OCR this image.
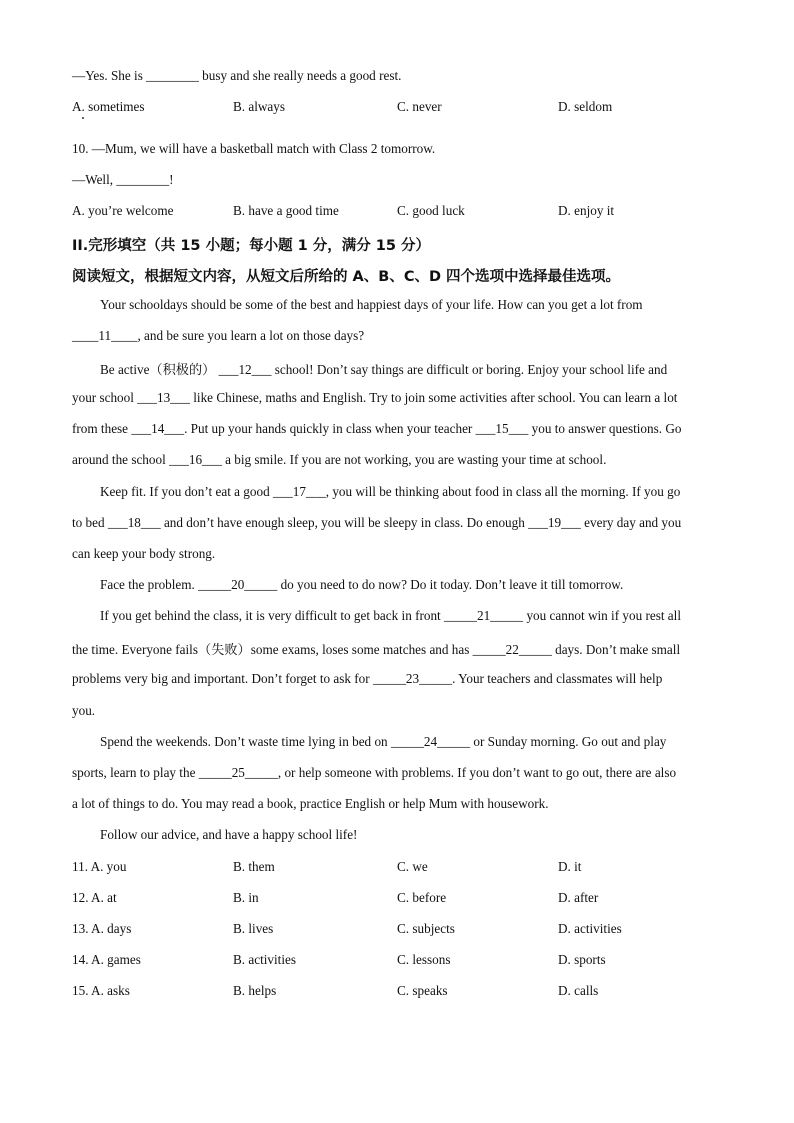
—Yes. She is ________ busy and she really needs a good rest.
A. sometimes	B. always	C. never	D. seldom
10. —Mum, we will have a basketball match with Class 2 tomorrow.
—Well, ________!
A. you’re welcome	B. have a good time	C. good luck	D. enjoy it
II.完形填空（共 15 小题；每小题 1 分，满分 15 分）
阅读短文，根据短文内容，从短文后所给的 A、B、C、D 四个选项中选择最佳选项。
Your schooldays should be some of the best and happiest days of your life. How can you get a lot from
____11____, and be sure you learn a lot on those days?
Be active（积极的） ___12___ school! Don’t say things are difficult or boring. Enjoy your school life and
your school ___13___ like Chinese, maths and English. Try to join some activities after school. You can learn a lot
from these ___14___. Put up your hands quickly in class when your teacher ___15___ you to answer questions. Go
around the school ___16___ a big smile. If you are not working, you are wasting your time at school.
Keep fit. If you don’t eat a good ___17___, you will be thinking about food in class all the morning. If you go
to bed ___18___ and don’t have enough sleep, you will be sleepy in class. Do enough ___19___ every day and you
can keep your body strong.
Face the problem. _____20_____ do you need to do now? Do it today. Don’t leave it till tomorrow.
If you get behind the class, it is very difficult to get back in front _____21_____ you cannot win if you rest all
the time. Everyone fails（失败）some exams, loses some matches and has _____22_____ days. Don’t make small
problems very big and important. Don’t forget to ask for _____23_____. Your teachers and classmates will help
you.
Spend the weekends. Don’t waste time lying in bed on _____24_____ or Sunday morning. Go out and play
sports, learn to play the _____25_____, or help someone with problems. If you don’t want to go out, there are also
a lot of things to do. You may read a book, practice English or help Mum with housework.
Follow our advice, and have a happy school life!
11. A. you	B. them	C. we	D. it
12. A. at	B. in	C. before	D. after
13. A. days	B. lives	C. subjects	D. activities
14. A. games	B. activities	C. lessons	D. sports
15. A. asks	B. helps	C. speaks	D. calls
